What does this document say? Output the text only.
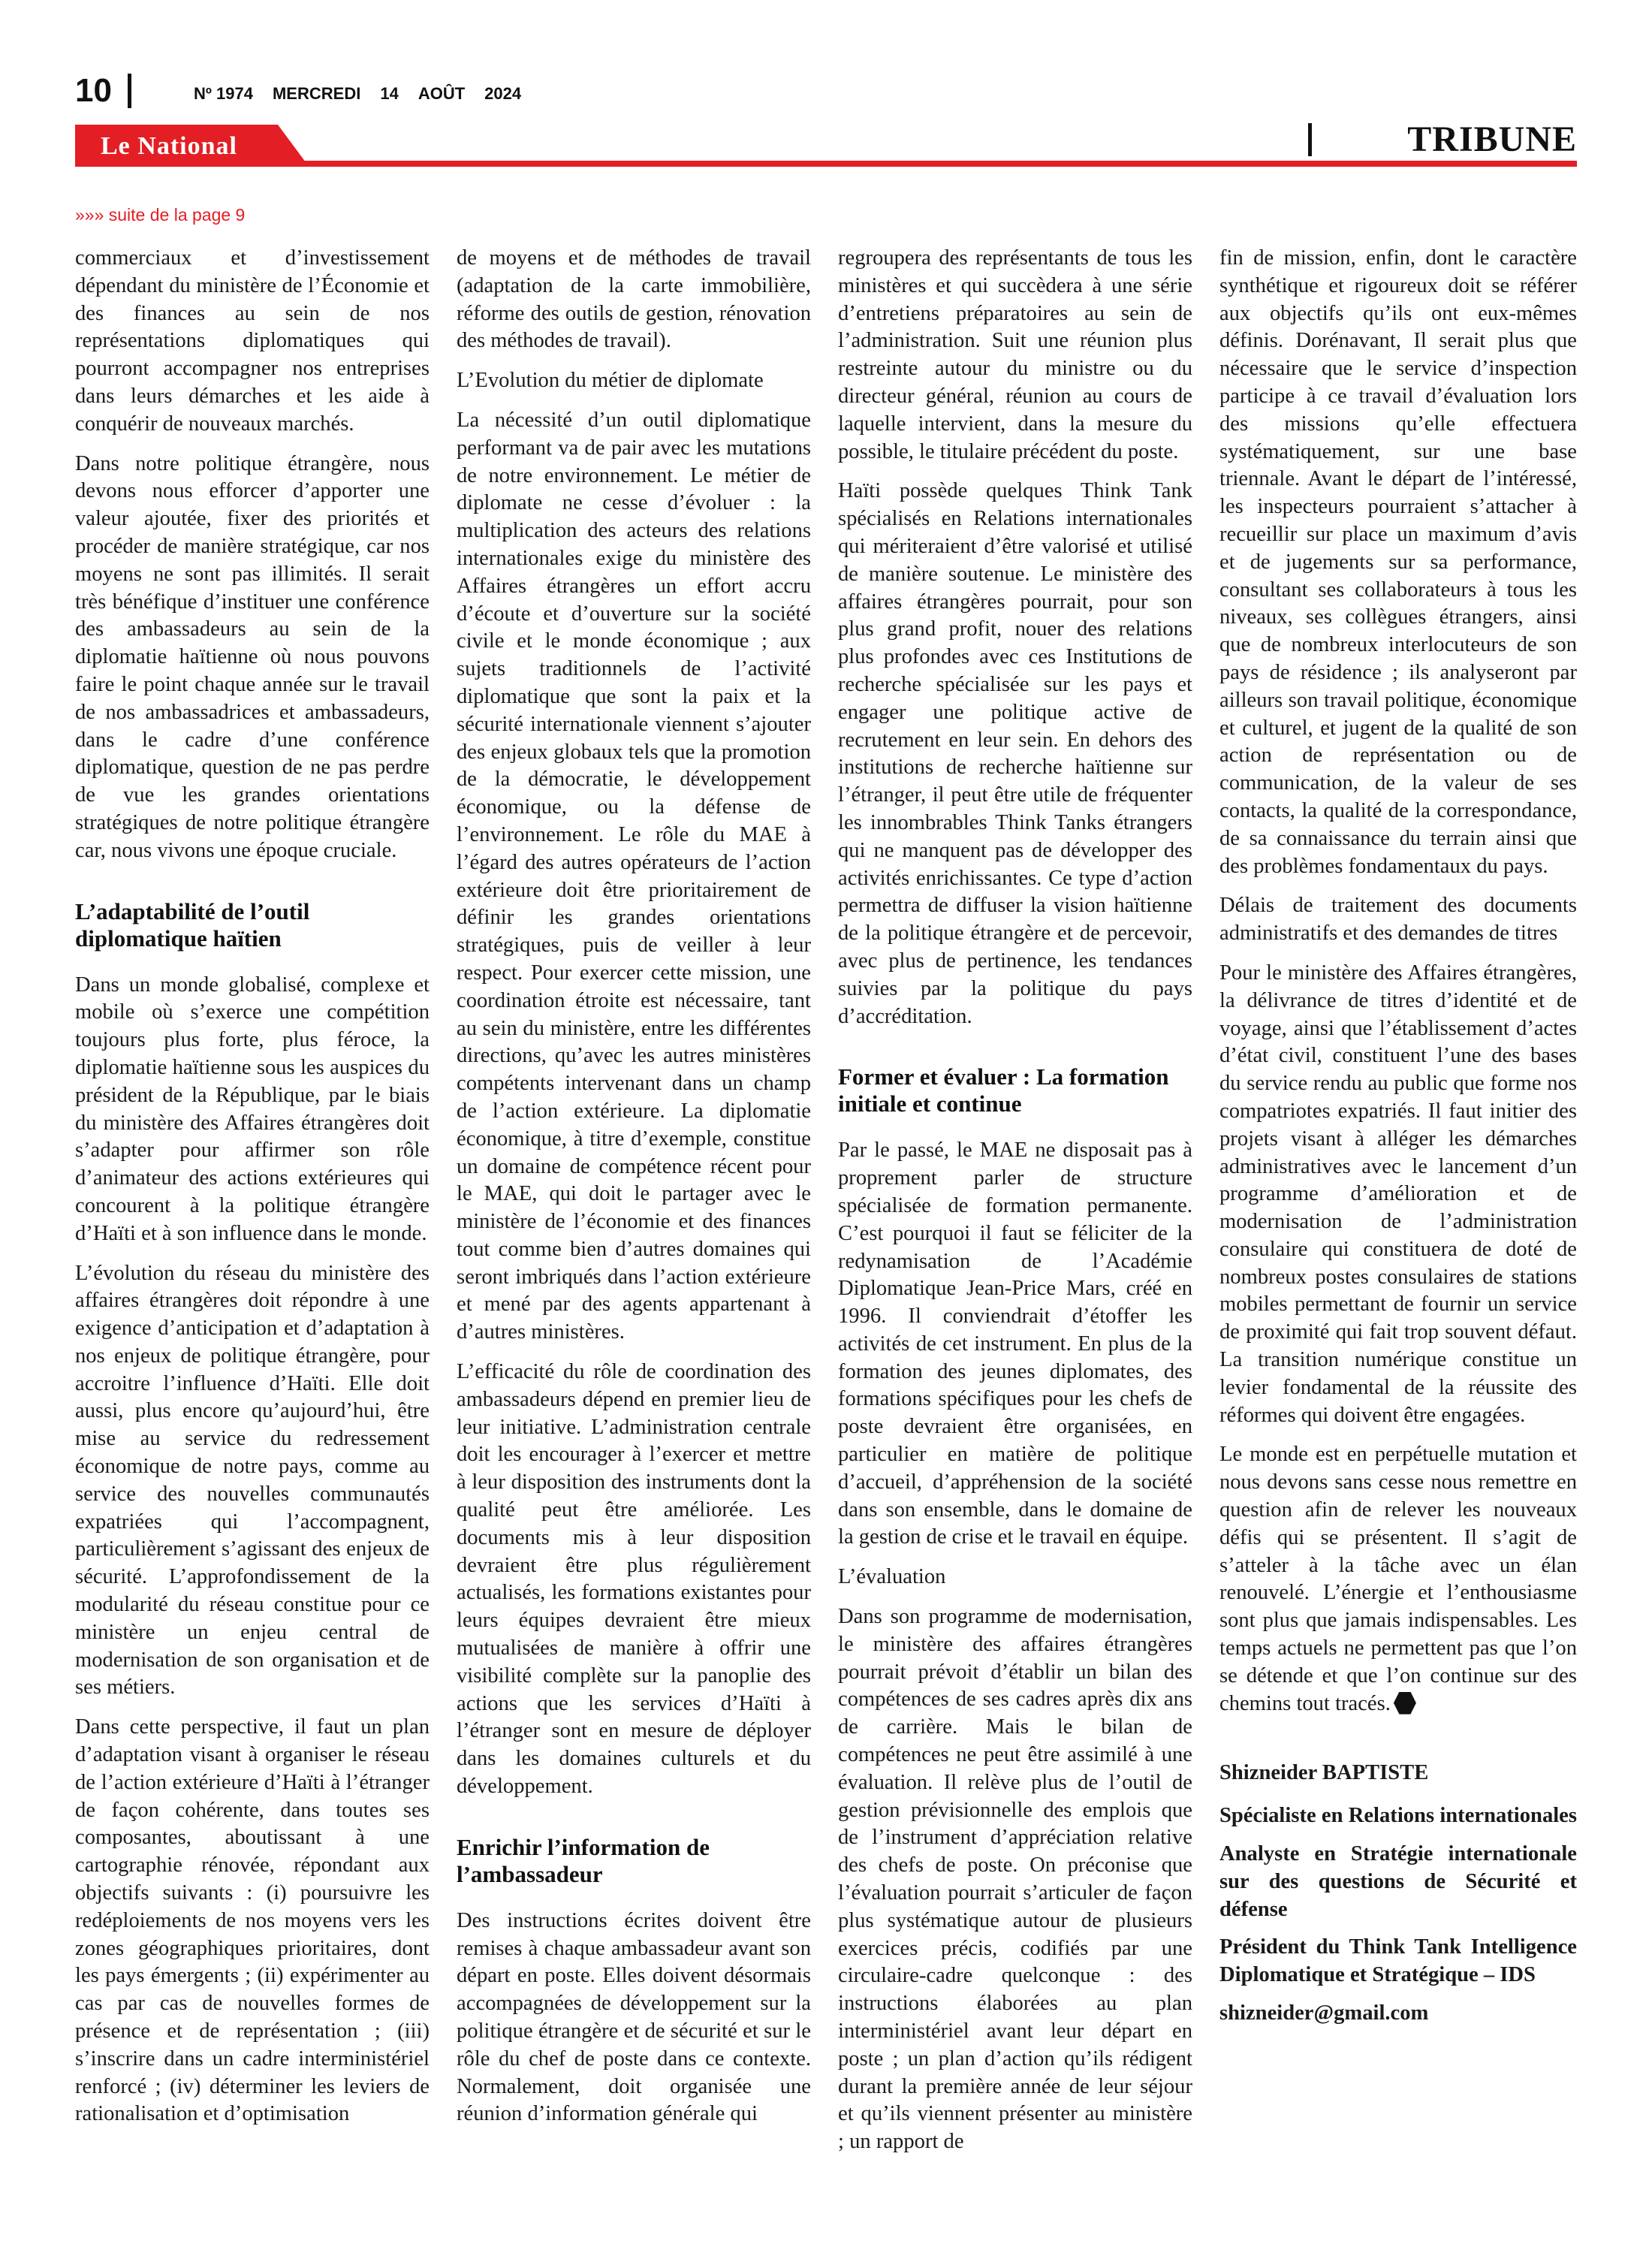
10	Nº 1974 MERCREDI 14 AOÛT 2024
Le National	TRIBUNE
»»» suite de la page 9

commerciaux et d’investissement dépendant du ministère de l’Économie et des finances au sein de nos représentations diplomatiques qui pourront accompagner nos entreprises dans leurs démarches et les aide à conquérir de nouveaux marchés.

Dans notre politique étrangère, nous devons nous efforcer d’apporter une valeur ajoutée, fixer des priorités et procéder de manière stratégique, car nos moyens ne sont pas illimités. Il serait très bénéfique d’instituer une conférence des ambassadeurs au sein de la diplomatie haïtienne où nous pouvons faire le point chaque année sur le travail de nos ambassadrices et ambassadeurs, dans le cadre d’une conférence diplomatique, question de ne pas perdre de vue les grandes orientations stratégiques de notre politique étrangère car, nous vivons une époque cruciale.

L’adaptabilité de l’outil diplomatique haïtien

Dans un monde globalisé, complexe et mobile où s’exerce une compétition toujours plus forte, plus féroce, la diplomatie haïtienne sous les auspices du président de la République, par le biais du ministère des Affaires étrangères doit s’adapter pour affirmer son rôle d’animateur des actions extérieures qui concourent à la politique étrangère d’Haïti et à son influence dans le monde.

L’évolution du réseau du ministère des affaires étrangères doit répondre à une exigence d’anticipation et d’adaptation à nos enjeux de politique étrangère, pour accroitre l’influence d’Haïti. Elle doit aussi, plus encore qu’aujourd’hui, être mise au service du redressement économique de notre pays, comme au service des nouvelles communautés expatriées qui l’accompagnent, particulièrement s’agissant des enjeux de sécurité. L’approfondissement de la modularité du réseau constitue pour ce ministère un enjeu central de modernisation de son organisation et de ses métiers.

Dans cette perspective, il faut un plan d’adaptation visant à organiser le réseau de l’action extérieure d’Haïti à l’étranger de façon cohérente, dans toutes ses composantes, aboutissant à une cartographie rénovée, répondant aux objectifs suivants : (i) poursuivre les redéploiements de nos moyens vers les zones géographiques prioritaires, dont les pays émergents ; (ii) expérimenter au cas par cas de nouvelles formes de présence et de représentation ; (iii) s’inscrire dans un cadre interministériel renforcé ; (iv) déterminer les leviers de rationalisation et d’optimisation

de moyens et de méthodes de travail (adaptation de la carte immobilière, réforme des outils de gestion, rénovation des méthodes de travail).

L’Evolution du métier de diplomate

La nécessité d’un outil diplomatique performant va de pair avec les mutations de notre environnement. Le métier de diplomate ne cesse d’évoluer : la multiplication des acteurs des relations internationales exige du ministère des Affaires étrangères un effort accru d’écoute et d’ouverture sur la société civile et le monde économique ; aux sujets traditionnels de l’activité diplomatique que sont la paix et la sécurité internationale viennent s’ajouter des enjeux globaux tels que la promotion de la démocratie, le développement économique, ou la défense de l’environnement. Le rôle du MAE à l’égard des autres opérateurs de l’action extérieure doit être prioritairement de définir les grandes orientations stratégiques, puis de veiller à leur respect. Pour exercer cette mission, une coordination étroite est nécessaire, tant au sein du ministère, entre les différentes directions, qu’avec les autres ministères compétents intervenant dans un champ de l’action extérieure. La diplomatie économique, à titre d’exemple, constitue un domaine de compétence récent pour le MAE, qui doit le partager avec le ministère de l’économie et des finances tout comme bien d’autres domaines qui seront imbriqués dans l’action extérieure et mené par des agents appartenant à d’autres ministères.

L’efficacité du rôle de coordination des ambassadeurs dépend en premier lieu de leur initiative. L’administration centrale doit les encourager à l’exercer et mettre à leur disposition des instruments dont la qualité peut être améliorée. Les documents mis à leur disposition devraient être plus régulièrement actualisés, les formations existantes pour leurs équipes devraient être mieux mutualisées de manière à offrir une visibilité complète sur la panoplie des actions que les services d’Haïti à l’étranger sont en mesure de déployer dans les domaines culturels et du développement.

Enrichir l’information de l’ambassadeur

Des instructions écrites doivent être remises à chaque ambassadeur avant son départ en poste. Elles doivent désormais accompagnées de développement sur la politique étrangère et de sécurité et sur le rôle du chef de poste dans ce contexte. Normalement, doit organisée une réunion d’information générale qui

regroupera des représentants de tous les ministères et qui succèdera à une série d’entretiens préparatoires au sein de l’administration. Suit une réunion plus restreinte autour du ministre ou du directeur général, réunion au cours de laquelle intervient, dans la mesure du possible, le titulaire précédent du poste.

Haïti possède quelques Think Tank spécialisés en Relations internationales qui mériteraient d’être valorisé et utilisé de manière soutenue. Le ministère des affaires étrangères pourrait, pour son plus grand profit, nouer des relations plus profondes avec ces Institutions de recherche spécialisée sur les pays et engager une politique active de recrutement en leur sein. En dehors des institutions de recherche haïtienne sur l’étranger, il peut être utile de fréquenter les innombrables Think Tanks étrangers qui ne manquent pas de développer des activités enrichissantes. Ce type d’action permettra de diffuser la vision haïtienne de la politique étrangère et de percevoir, avec plus de pertinence, les tendances suivies par la politique du pays d’accréditation.

Former et évaluer : La formation initiale et continue

Par le passé, le MAE ne disposait pas à proprement parler de structure spécialisée de formation permanente. C’est pourquoi il faut se féliciter de la redynamisation de l’Académie Diplomatique Jean-Price Mars, créé en 1996. Il conviendrait d’étoffer les activités de cet instrument. En plus de la formation des jeunes diplomates, des formations spécifiques pour les chefs de poste devraient être organisées, en particulier en matière de politique d’accueil, d’appréhension de la société dans son ensemble, dans le domaine de la gestion de crise et le travail en équipe.

L’évaluation

Dans son programme de modernisation, le ministère des affaires étrangères pourrait prévoit d’établir un bilan des compétences de ses cadres après dix ans de carrière. Mais le bilan de compétences ne peut être assimilé à une évaluation. Il relève plus de l’outil de gestion prévisionnelle des emplois que de l’instrument d’appréciation relative des chefs de poste. On préconise que l’évaluation pourrait s’articuler de façon plus systématique autour de plusieurs exercices précis, codifiés par une circulaire-cadre quelconque : des instructions élaborées au plan interministériel avant leur départ en poste ; un plan d’action qu’ils rédigent durant la première année de leur séjour et qu’ils viennent présenter au ministère ; un rapport de

fin de mission, enfin, dont le caractère synthétique et rigoureux doit se référer aux objectifs qu’ils ont eux-mêmes définis. Dorénavant, Il serait plus que nécessaire que le service d’inspection participe à ce travail d’évaluation lors des missions qu’elle effectuera systématiquement, sur une base triennale. Avant le départ de l’intéressé, les inspecteurs pourraient s’attacher à recueillir sur place un maximum d’avis et de jugements sur sa performance, consultant ses collaborateurs à tous les niveaux, ses collègues étrangers, ainsi que de nombreux interlocuteurs de son pays de résidence ; ils analyseront par ailleurs son travail politique, économique et culturel, et jugent de la qualité de son action de représentation ou de communication, de la valeur de ses contacts, la qualité de la correspondance, de sa connaissance du terrain ainsi que des problèmes fondamentaux du pays.

Délais de traitement des documents administratifs et des demandes de titres

Pour le ministère des Affaires étrangères, la délivrance de titres d’identité et de voyage, ainsi que l’établissement d’actes d’état civil, constituent l’une des bases du service rendu au public que forme nos compatriotes expatriés. Il faut initier des projets visant à alléger les démarches administratives avec le lancement d’un programme d’amélioration et de modernisation de l’administration consulaire qui constituera de doté de nombreux postes consulaires de stations mobiles permettant de fournir un service de proximité qui fait trop souvent défaut. La transition numérique constitue un levier fondamental de la réussite des réformes qui doivent être engagées.

Le monde est en perpétuelle mutation et nous devons sans cesse nous remettre en question afin de relever les nouveaux défis qui se présentent. Il s’agit de s’atteler à la tâche avec un élan renouvelé. L’énergie et l’enthousiasme sont plus que jamais indispensables. Les temps actuels ne permettent pas que l’on se détende et que l’on continue sur des chemins tout tracés.

Shizneider BAPTISTE

Spécialiste en Relations internationales

Analyste en Stratégie internationale sur des questions de Sécurité et défense

Président du Think Tank Intelligence Diplomatique et Stratégique – IDS

shizneider@gmail.com
